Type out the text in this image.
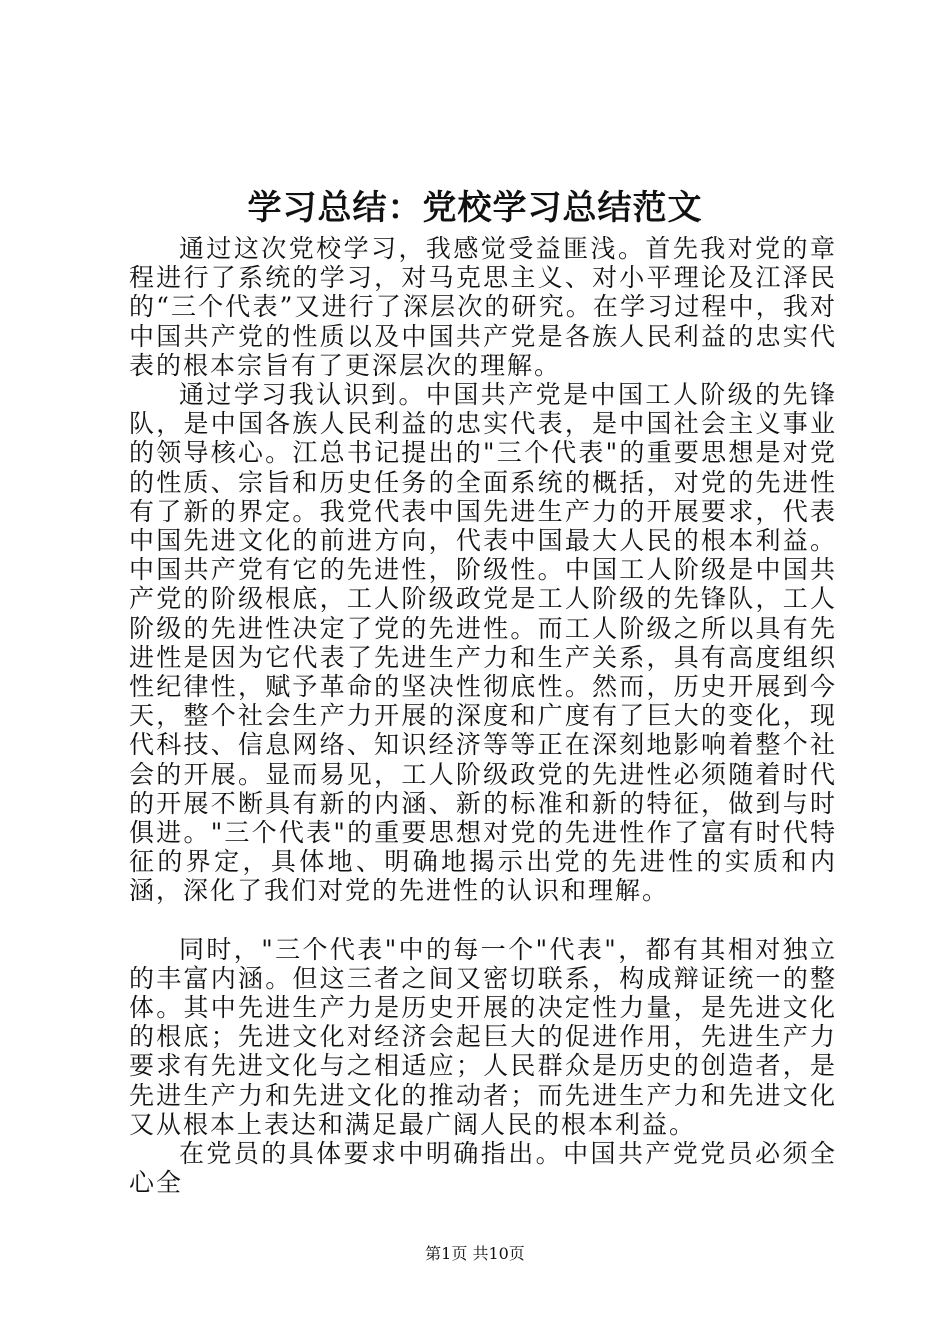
学习总结：党校学习总结范文

通过这次党校学习，我感觉受益匪浅。首先我对党的章程进行了系统的学习，对马克思主义、对小平理论及江泽民的“三个代表”又进行了深层次的研究。在学习过程中，我对中国共产党的性质以及中国共产党是各族人民利益的忠实代表的根本宗旨有了更深层次的理解。

通过学习我认识到。中国共产党是中国工人阶级的先锋队，是中国各族人民利益的忠实代表，是中国社会主义事业的领导核心。江总书记提出的"三个代表"的重要思想是对党的性质、宗旨和历史任务的全面系统的概括，对党的先进性有了新的界定。我党代表中国先进生产力的开展要求，代表中国先进文化的前进方向，代表中国最大人民的根本利益。中国共产党有它的先进性，阶级性。中国工人阶级是中国共产党的阶级根底，工人阶级政党是工人阶级的先锋队，工人阶级的先进性决定了党的先进性。而工人阶级之所以具有先进性是因为它代表了先进生产力和生产关系，具有高度组织性纪律性，赋予革命的坚决性彻底性。然而，历史开展到今天，整个社会生产力开展的深度和广度有了巨大的变化，现代科技、信息网络、知识经济等等正在深刻地影响着整个社会的开展。显而易见，工人阶级政党的先进性必须随着时代的开展不断具有新的内涵、新的标准和新的特征，做到与时俱进。"三个代表"的重要思想对党的先进性作了富有时代特征的界定，具体地、明确地揭示出党的先进性的实质和内涵，深化了我们对党的先进性的认识和理解。

同时，"三个代表"中的每一个"代表"，都有其相对独立的丰富内涵。但这三者之间又密切联系，构成辩证统一的整体。其中先进生产力是历史开展的决定性力量，是先进文化的根底；先进文化对经济会起巨大的促进作用，先进生产力要求有先进文化与之相适应；人民群众是历史的创造者，是先进生产力和先进文化的推动者；而先进生产力和先进文化又从根本上表达和满足最广阔人民的根本利益。

在党员的具体要求中明确指出。中国共产党党员必须全心全

第1页 共10页
